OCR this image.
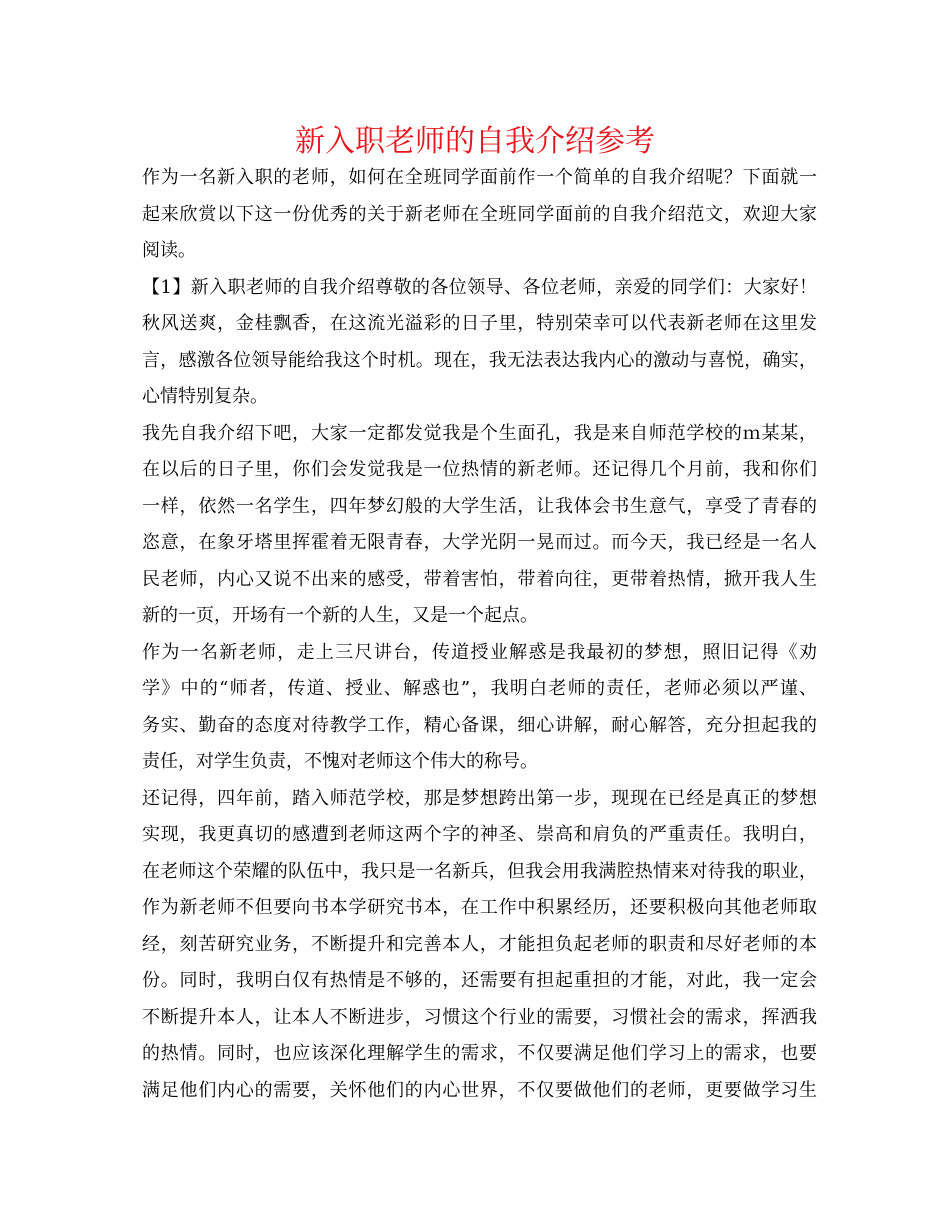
新入职老师的自我介绍参考
作为一名新入职的老师，如何在全班同学面前作一个简单的自我介绍呢？下面就一
起来欣赏以下这一份优秀的关于新老师在全班同学面前的自我介绍范文，欢迎大家
阅读。
【1】新入职老师的自我介绍尊敬的各位领导、各位老师，亲爱的同学们：大家好！
秋风送爽，金桂飘香，在这流光溢彩的日子里，特别荣幸可以代表新老师在这里发
言，感激各位领导能给我这个时机。现在，我无法表达我内心的激动与喜悦，确实，
心情特别复杂。
我先自我介绍下吧，大家一定都发觉我是个生面孔，我是来自师范学校的ｍ某某，
在以后的日子里，你们会发觉我是一位热情的新老师。还记得几个月前，我和你们
一样，依然一名学生，四年梦幻般的大学生活，让我体会书生意气，享受了青春的
恣意，在象牙塔里挥霍着无限青春，大学光阴一晃而过。而今天，我已经是一名人
民老师，内心又说不出来的感受，带着害怕，带着向往，更带着热情，掀开我人生
新的一页，开场有一个新的人生，又是一个起点。
作为一名新老师，走上三尺讲台，传道授业解惑是我最初的梦想，照旧记得《劝
学》中的“师者，传道、授业、解惑也”，我明白老师的责任，老师必须以严谨、
务实、勤奋的态度对待教学工作，精心备课，细心讲解，耐心解答，充分担起我的
责任，对学生负责，不愧对老师这个伟大的称号。
还记得，四年前，踏入师范学校，那是梦想跨出第一步，现现在已经是真正的梦想
实现，我更真切的感遭到老师这两个字的神圣、崇高和肩负的严重责任。我明白，
在老师这个荣耀的队伍中，我只是一名新兵，但我会用我满腔热情来对待我的职业，
作为新老师不但要向书本学研究书本，在工作中积累经历，还要积极向其他老师取
经，刻苦研究业务，不断提升和完善本人，才能担负起老师的职责和尽好老师的本
份。同时，我明白仅有热情是不够的，还需要有担起重担的才能，对此，我一定会
不断提升本人，让本人不断进步，习惯这个行业的需要，习惯社会的需求，挥洒我
的热情。同时，也应该深化理解学生的需求，不仅要满足他们学习上的需求，也要
满足他们内心的需要，关怀他们的内心世界，不仅要做他们的老师，更要做学习生
